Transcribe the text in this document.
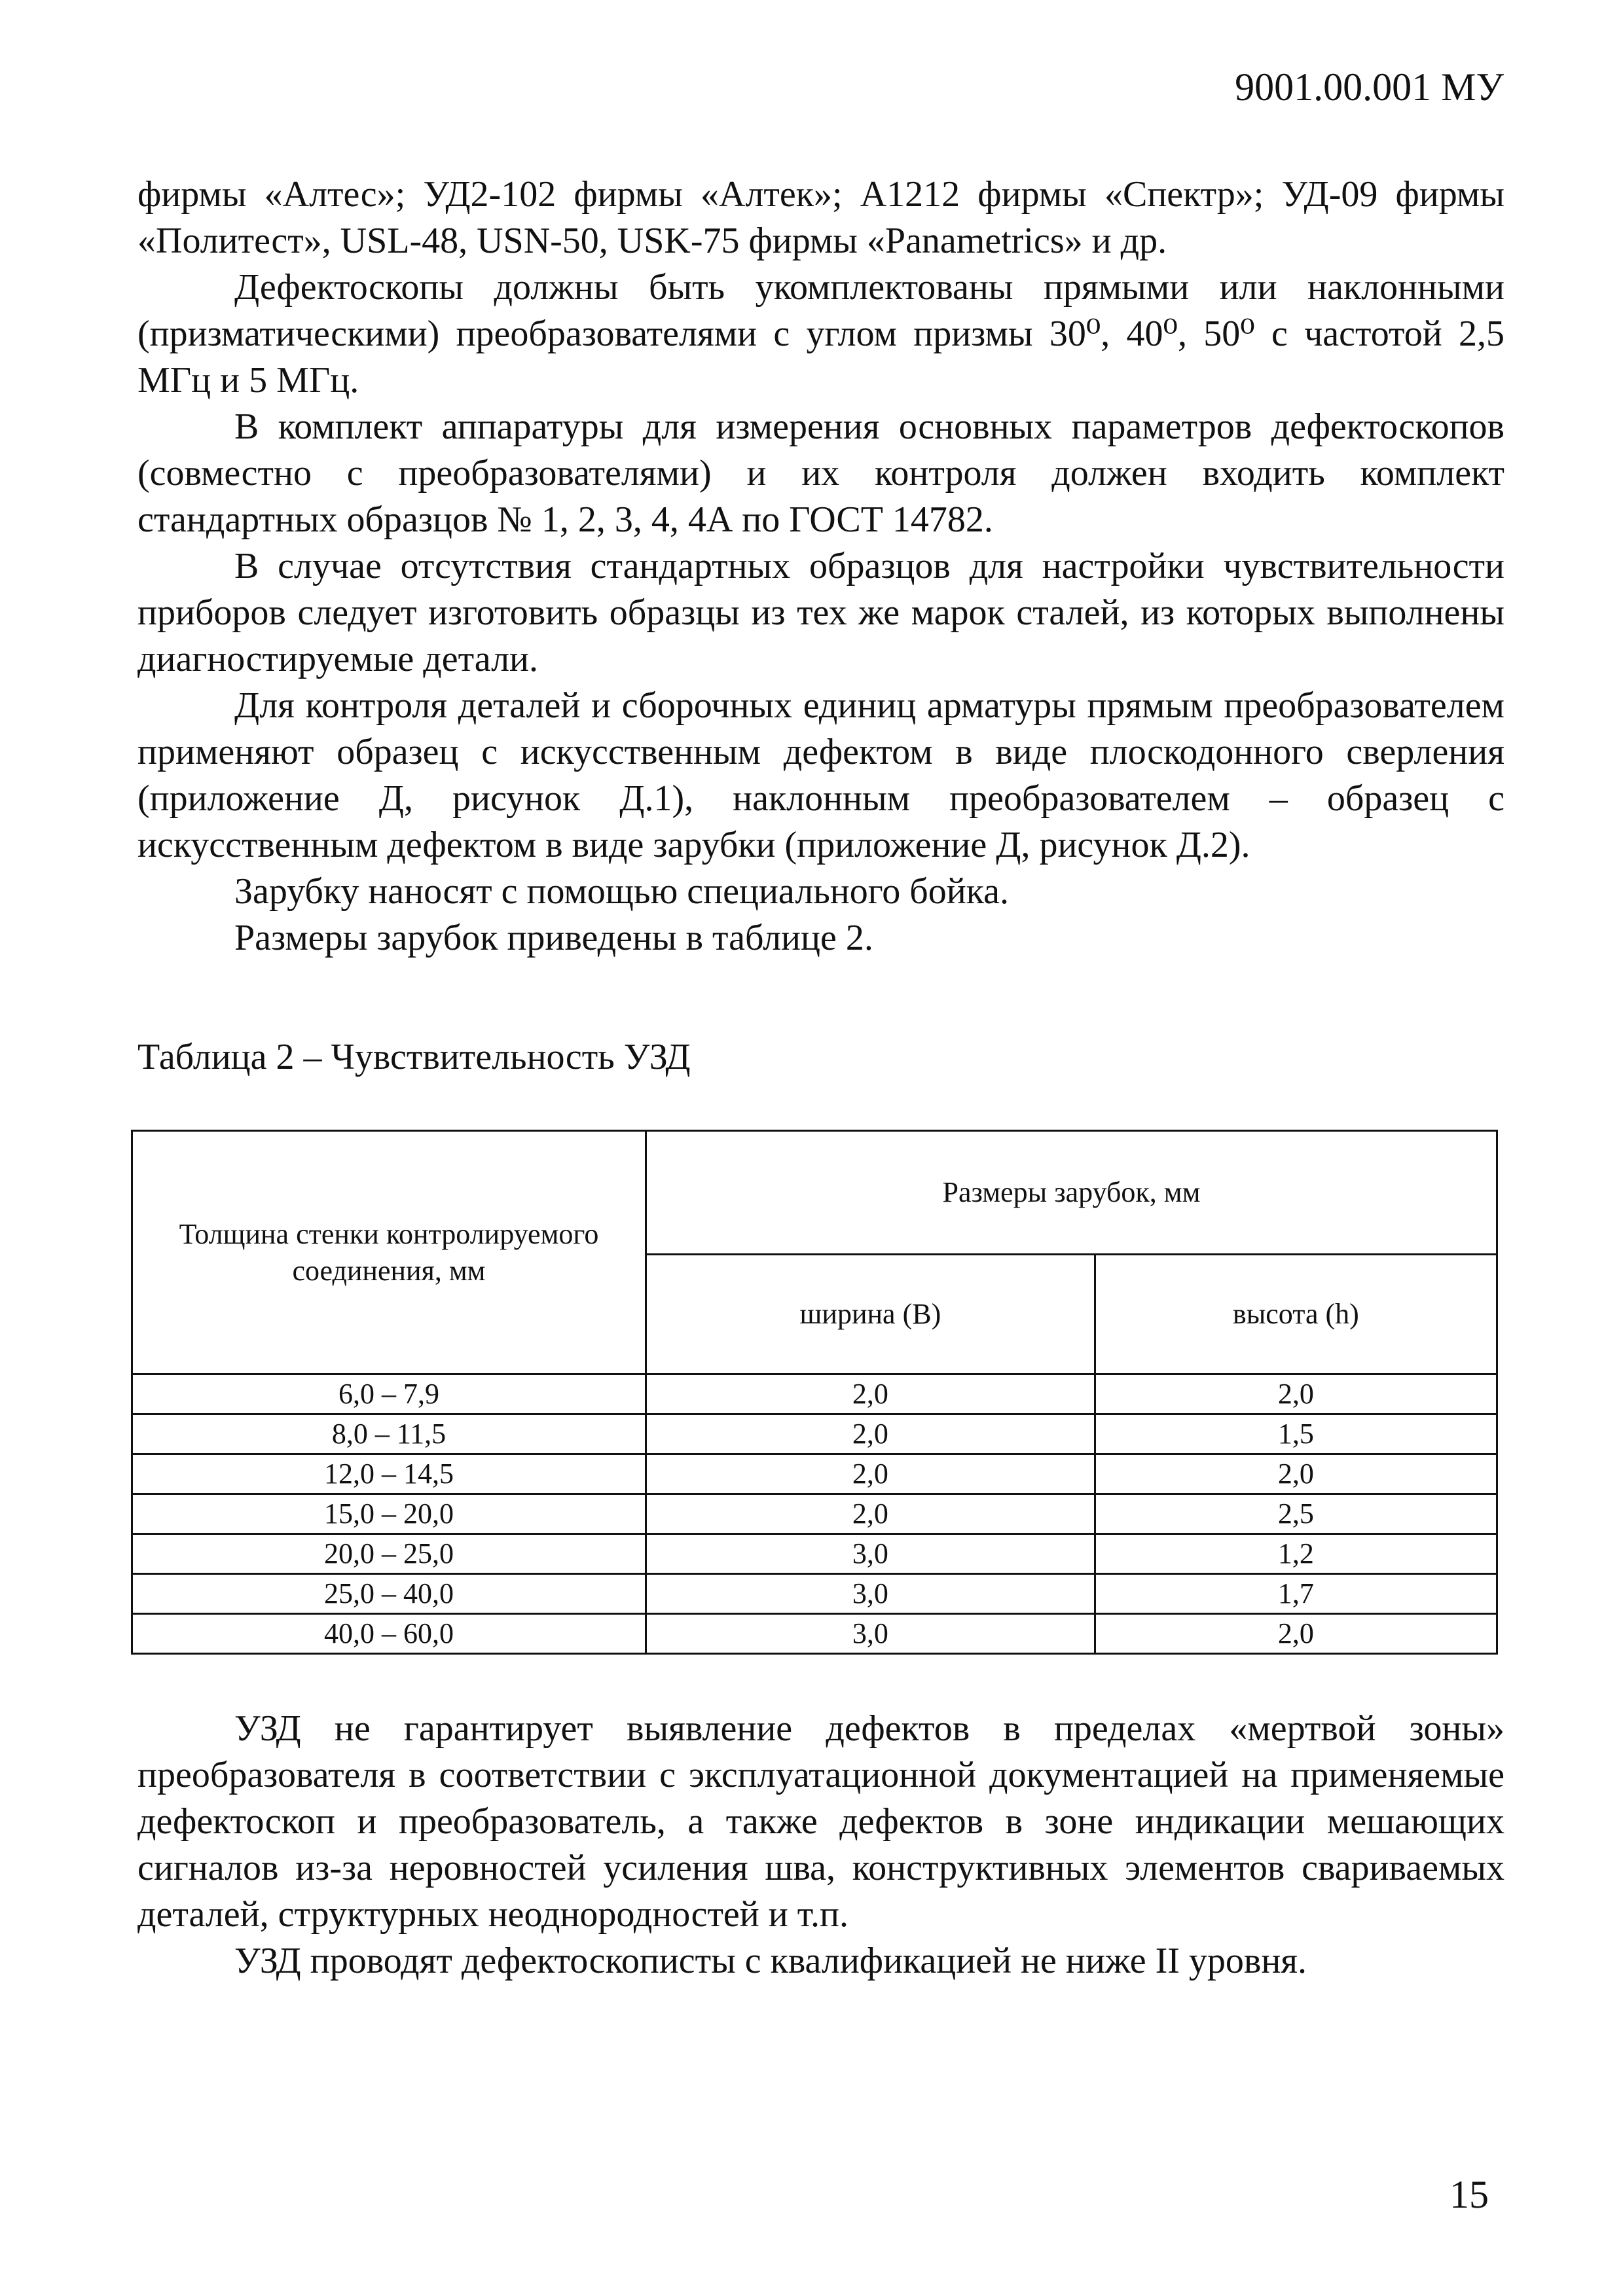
9001.00.001 МУ

фирмы «Алтес»; УД2-102 фирмы «Алтек»; A1212 фирмы «Спектр»; УД-09 фирмы «Политест», USL-48, USN-50, USK-75 фирмы «Panametrics» и др.

Дефектоскопы должны быть укомплектованы прямыми или наклонными (призматическими) преобразователями с углом призмы 30⁰, 40⁰, 50⁰ с частотой 2,5 МГц и 5 МГц.

В комплект аппаратуры для измерения основных параметров дефектоскопов (совместно с преобразователями) и их контроля должен входить комплект стандартных образцов № 1, 2, 3, 4, 4А по ГОСТ 14782.

В случае отсутствия стандартных образцов для настройки чувствительности приборов следует изготовить образцы из тех же марок сталей, из которых выполнены диагностируемые детали.

Для контроля деталей и сборочных единиц арматуры прямым преобразователем применяют образец с искусственным дефектом в виде плоскодонного сверления (приложение Д, рисунок Д.1), наклонным преобразователем – образец с искусственным дефектом в виде зарубки (приложение Д, рисунок Д.2).

Зарубку наносят с помощью специального бойка.

Размеры зарубок приведены в таблице 2.

Таблица 2 – Чувствительность УЗД
Толщина стенки контролируемого соединения, мм	Размеры зарубок, мм	
	ширина (В)	высота (h)
6,0 – 7,9	2,0	2,0
8,0 – 11,5	2,0	1,5
12,0 – 14,5	2,0	2,0
15,0 – 20,0	2,0	2,5
20,0 – 25,0	3,0	1,2
25,0 – 40,0	3,0	1,7
40,0 – 60,0	3,0	2,0

УЗД не гарантирует выявление дефектов в пределах «мертвой зоны» преобразователя в соответствии с эксплуатационной документацией на применяемые дефектоскоп и преобразователь, а также дефектов в зоне индикации мешающих сигналов из-за неровностей усиления шва, конструктивных элементов свариваемых деталей, структурных неоднородностей и т.п.

УЗД проводят дефектоскописты с квалификацией не ниже II уровня.

15
